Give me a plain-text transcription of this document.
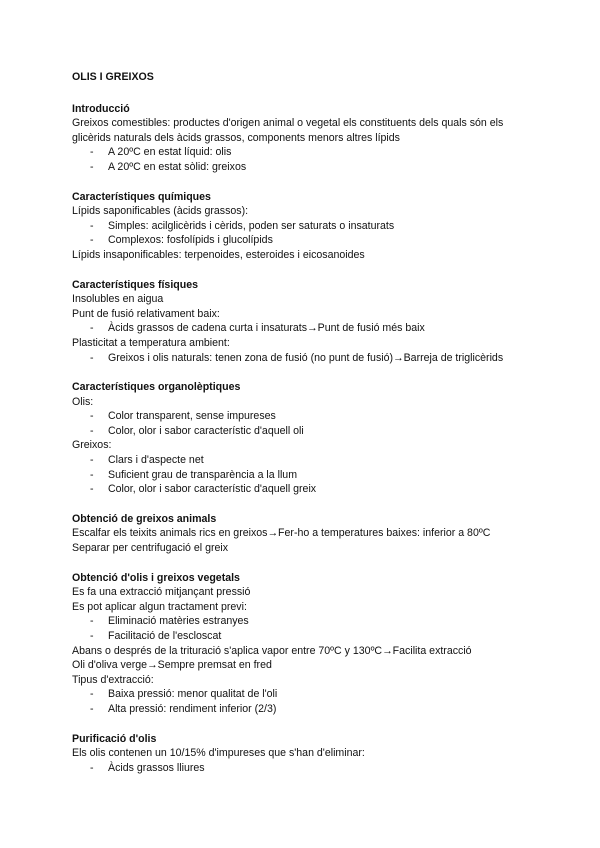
OLIS I GREIXOS
Introducció
Greixos comestibles: productes d'origen animal o vegetal els constituents dels quals són els glicèrids naturals dels àcids grassos, components menors altres lípids
- A 20ºC en estat líquid: olis
- A 20ºC en estat sòlid: greixos
Característiques químiques
Lípids saponificables (àcids grassos):
- Simples: acilglicèrids i cèrids, poden ser saturats o insaturats
- Complexos: fosfolípids i glucolípids
Lípids insaponificables: terpenoides, esteroides i eicosanoides
Característiques físiques
Insolubles en aigua
Punt de fusió relativament baix:
- Àcids grassos de cadena curta i insaturats→Punt de fusió més baix
Plasticitat a temperatura ambient:
- Greixos i olis naturals: tenen zona de fusió (no punt de fusió)→Barreja de triglicèrids
Característiques organolèptiques
Olis:
- Color transparent, sense impureses
- Color, olor i sabor característic d'aquell oli
Greixos:
- Clars i d'aspecte net
- Suficient grau de transparència a la llum
- Color, olor i sabor característic d'aquell greix
Obtenció de greixos animals
Escalfar els teixits animals rics en greixos→Fer-ho a temperatures baixes: inferior a 80ºC
Separar per centrifugació el greix
Obtenció d'olis i greixos vegetals
Es fa una extracció mitjançant pressió
Es pot aplicar algun tractament previ:
- Eliminació matèries estranyes
- Facilitació de l'escloscat
Abans o després de la trituració s'aplica vapor entre 70ºC y 130ºC→Facilita extracció
Oli d'oliva verge→Sempre premsat en fred
Tipus d'extracció:
- Baixa pressió: menor qualitat de l'oli
- Alta pressió: rendiment inferior (2/3)
Purificació d'olis
Els olis contenen un 10/15% d'impureses que s'han d'eliminar:
- Àcids grassos lliures
